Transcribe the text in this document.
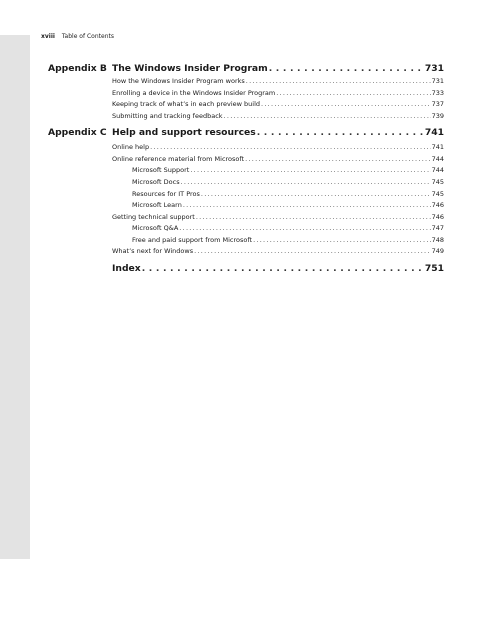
xviii Table of Contents
Appendix B The Windows Insider Program . . .	731
How the Windows Insider Program works . . .	731
Enrolling a device in the Windows Insider Program . . .	733
Keeping track of what’s in each preview build . . .	737
Submitting and tracking feedback . . .	739
Appendix C Help and support resources . . .	741
Online help . . .	741
Online reference material from Microsoft . . .	744
Microsoft Support . . .	744
Microsoft Docs . . .	745
Resources for IT Pros . . .	745
Microsoft Learn . . .	746
Getting technical support . . .	746
Microsoft Q&A . . .	747
Free and paid support from Microsoft . . .	748
What’s next for Windows . . .	749
Index . . .	751
